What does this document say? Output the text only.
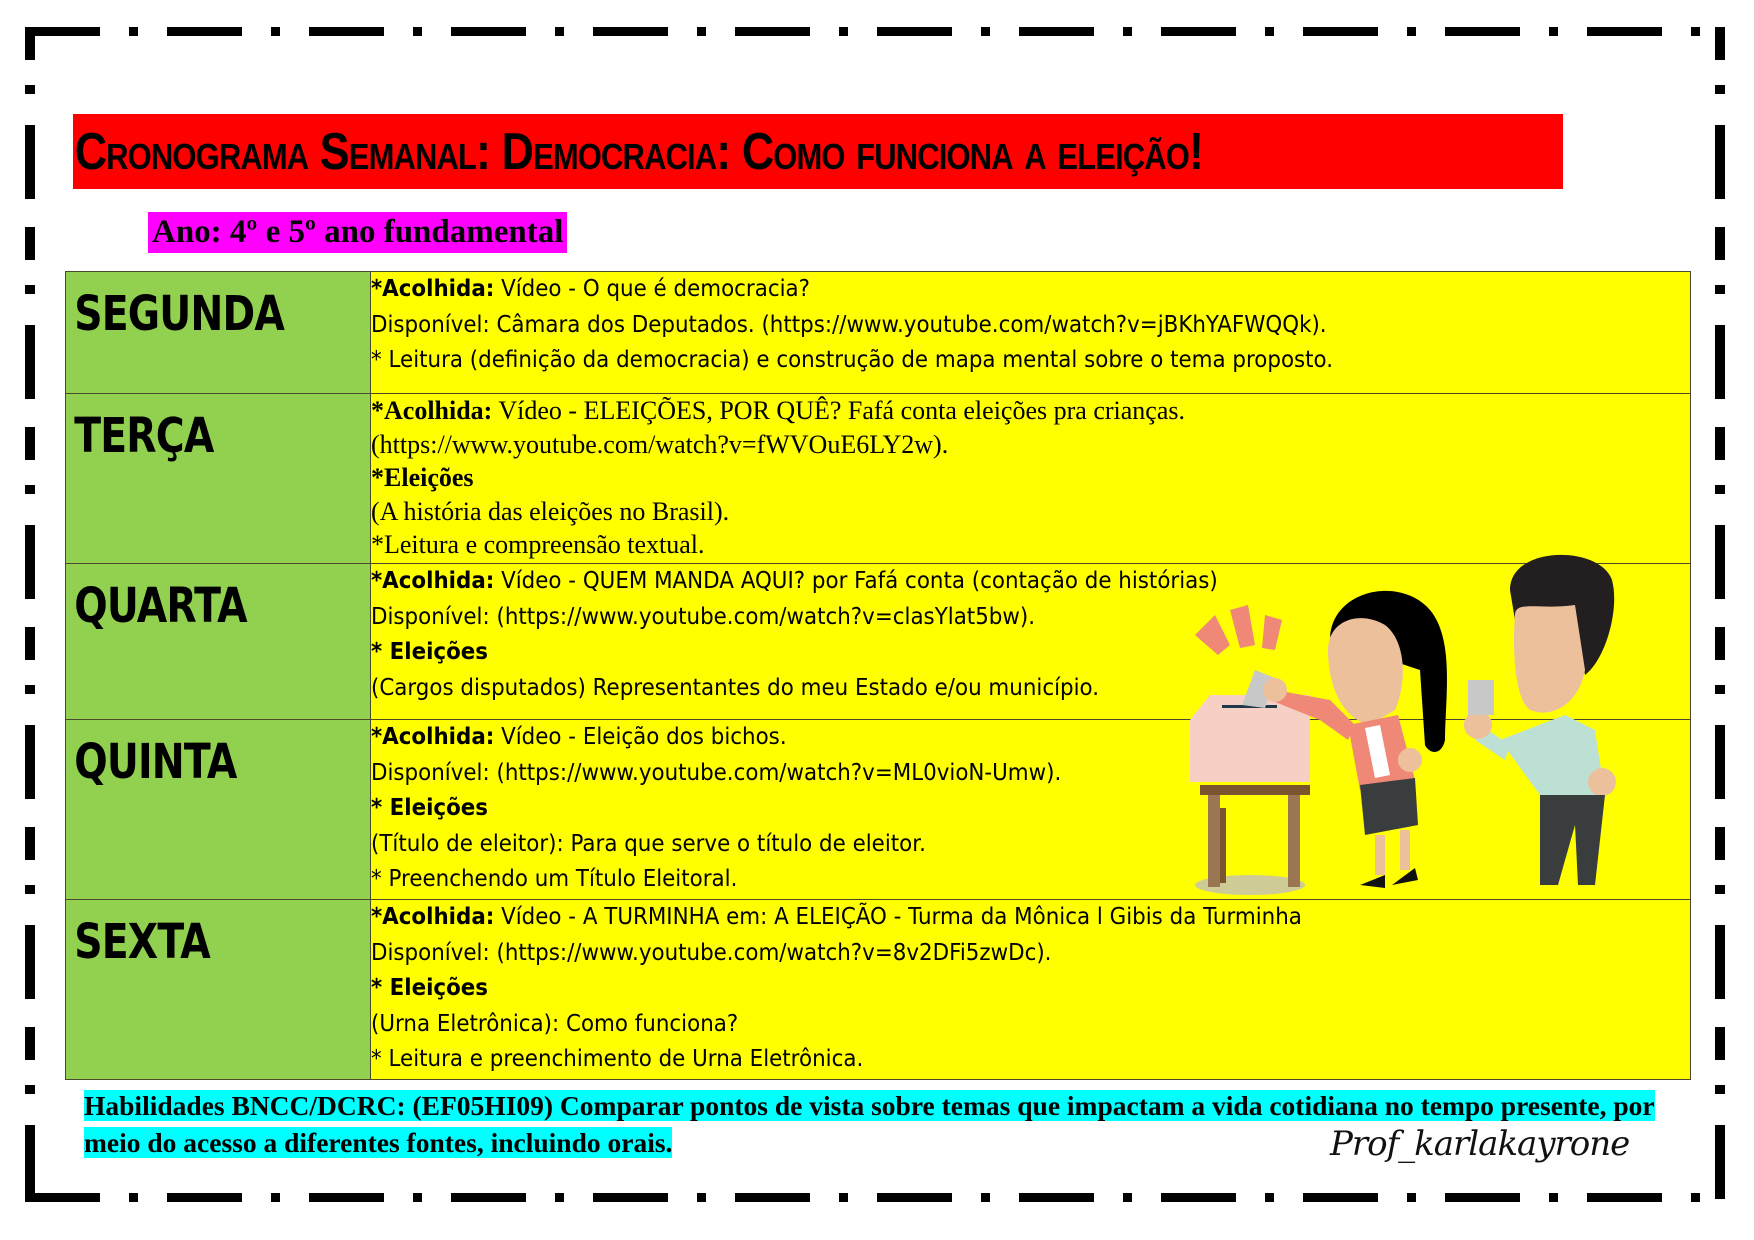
Cronograma Semanal: Democracia: Como funciona a eleição!
Ano: 4º e 5º ano fundamental
SEGUNDA	*Acolhida: Vídeo - O que é democracia?
Disponível: Câmara dos Deputados. (https://www.youtube.com/watch?v=jBKhYAFWQQk).
* Leitura (definição da democracia) e construção de mapa mental sobre o tema proposto.

TERÇA	*Acolhida: Vídeo - ELEIÇÕES, POR QUÊ? Fafá conta eleições pra crianças.
(https://www.youtube.com/watch?v=fWVOuE6LY2w).
*Eleições
(A história das eleições no Brasil).
*Leitura e compreensão textual.

QUARTA	*Acolhida: Vídeo - QUEM MANDA AQUI? por Fafá conta (contação de histórias)
Disponível: (https://www.youtube.com/watch?v=clasYlat5bw).
* Eleições
(Cargos disputados) Representantes do meu Estado e/ou município.

QUINTA	*Acolhida: Vídeo - Eleição dos bichos.
Disponível: (https://www.youtube.com/watch?v=ML0vioN-Umw).
* Eleições
(Título de eleitor): Para que serve o título de eleitor.
* Preenchendo um Título Eleitoral.

SEXTA	*Acolhida: Vídeo - A TURMINHA em: A ELEIÇÃO - Turma da Mônica l Gibis da Turminha
Disponível: (https://www.youtube.com/watch?v=8v2DFi5zwDc).
* Eleições
(Urna Eletrônica): Como funciona?
* Leitura e preenchimento de Urna Eletrônica.
Habilidades BNCC/DCRC: (EF05HI09) Comparar pontos de vista sobre temas que impactam a vida cotidiana no tempo presente, por meio do acesso a diferentes fontes, incluindo orais.	Prof_karlakayrone
